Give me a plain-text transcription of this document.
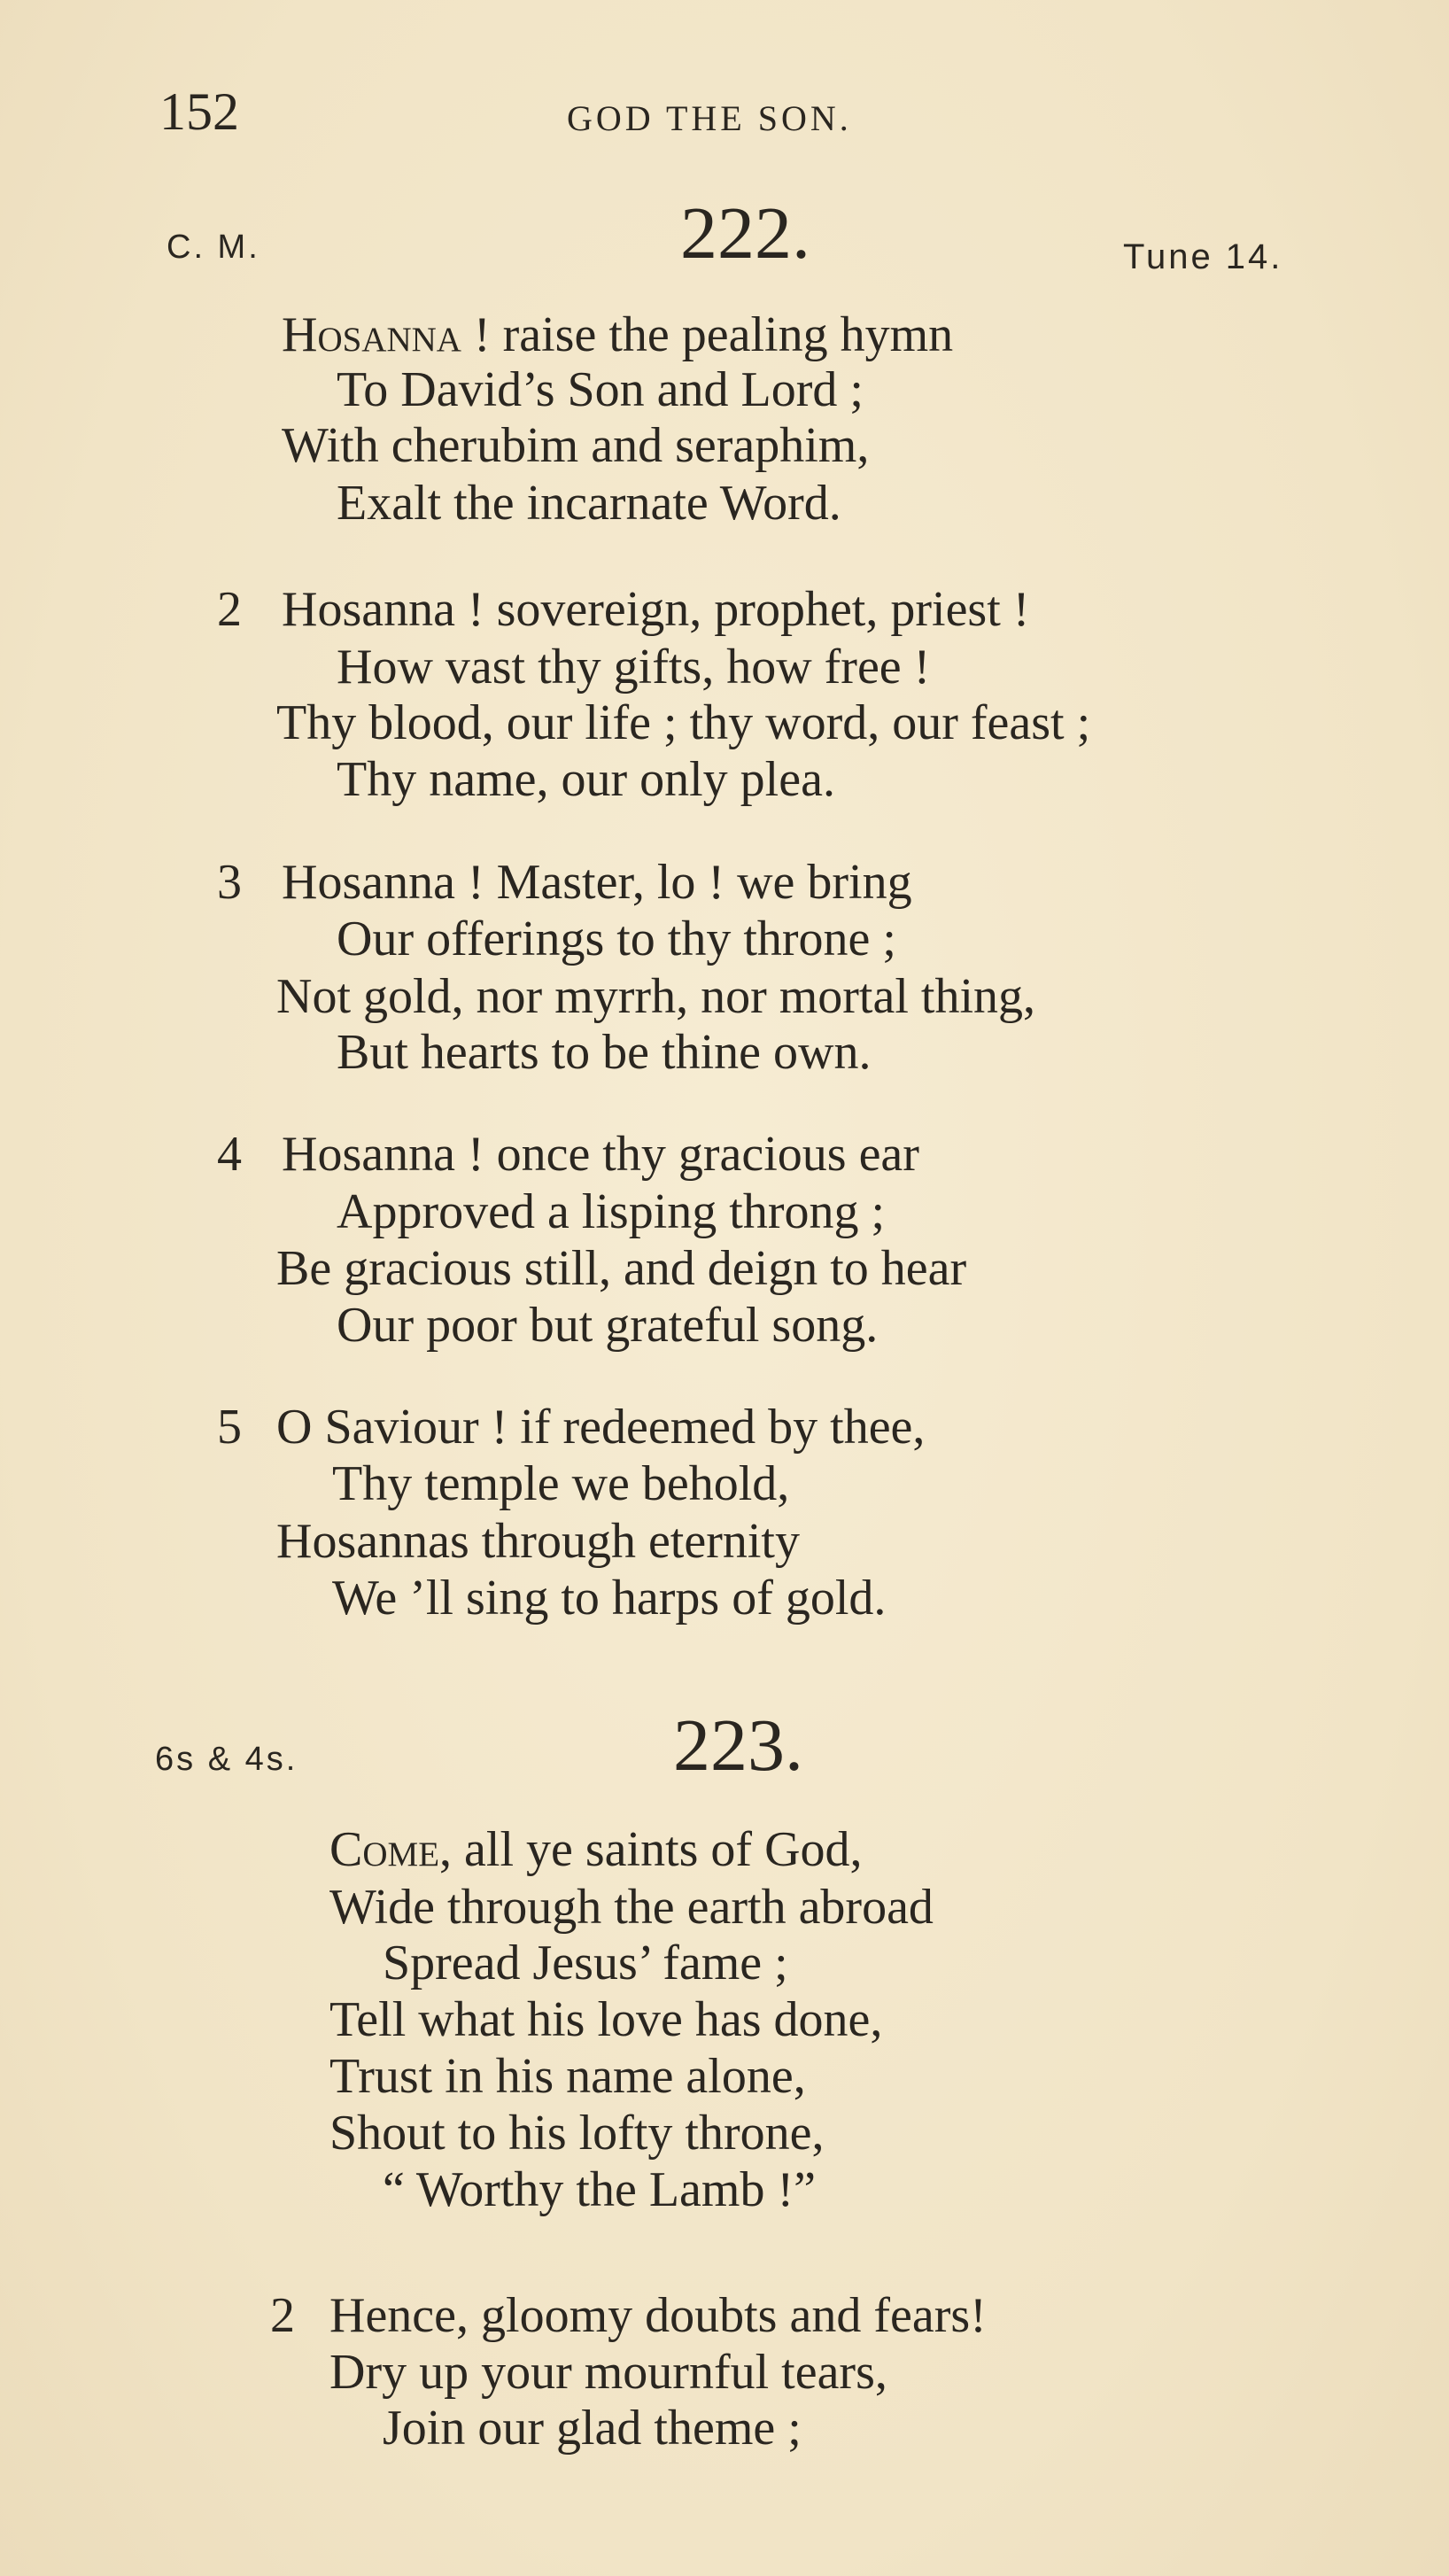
152	GOD THE SON.
C. M.	222.	Tune 14.
Hosanna ! raise the pealing hymn
To David’s Son and Lord ;
With cherubim and seraphim,
Exalt the incarnate Word.
2 Hosanna ! sovereign, prophet, priest !
How vast thy gifts, how free !
Thy blood, our life ; thy word, our feast ;
Thy name, our only plea.
3 Hosanna ! Master, lo ! we bring
Our offerings to thy throne ;
Not gold, nor myrrh, nor mortal thing,
But hearts to be thine own.
4 Hosanna ! once thy gracious ear
Approved a lisping throng ;
Be gracious still, and deign to hear
Our poor but grateful song.
5 O Saviour ! if redeemed by thee,
Thy temple we behold,
Hosannas through eternity
We ’ll sing to harps of gold.
6s & 4s.	223.
Come, all ye saints of God,
Wide through the earth abroad
Spread Jesus’ fame ;
Tell what his love has done,
Trust in his name alone,
Shout to his lofty throne,
“ Worthy the Lamb !”
2 Hence, gloomy doubts and fears!
Dry up your mournful tears,
Join our glad theme ;
